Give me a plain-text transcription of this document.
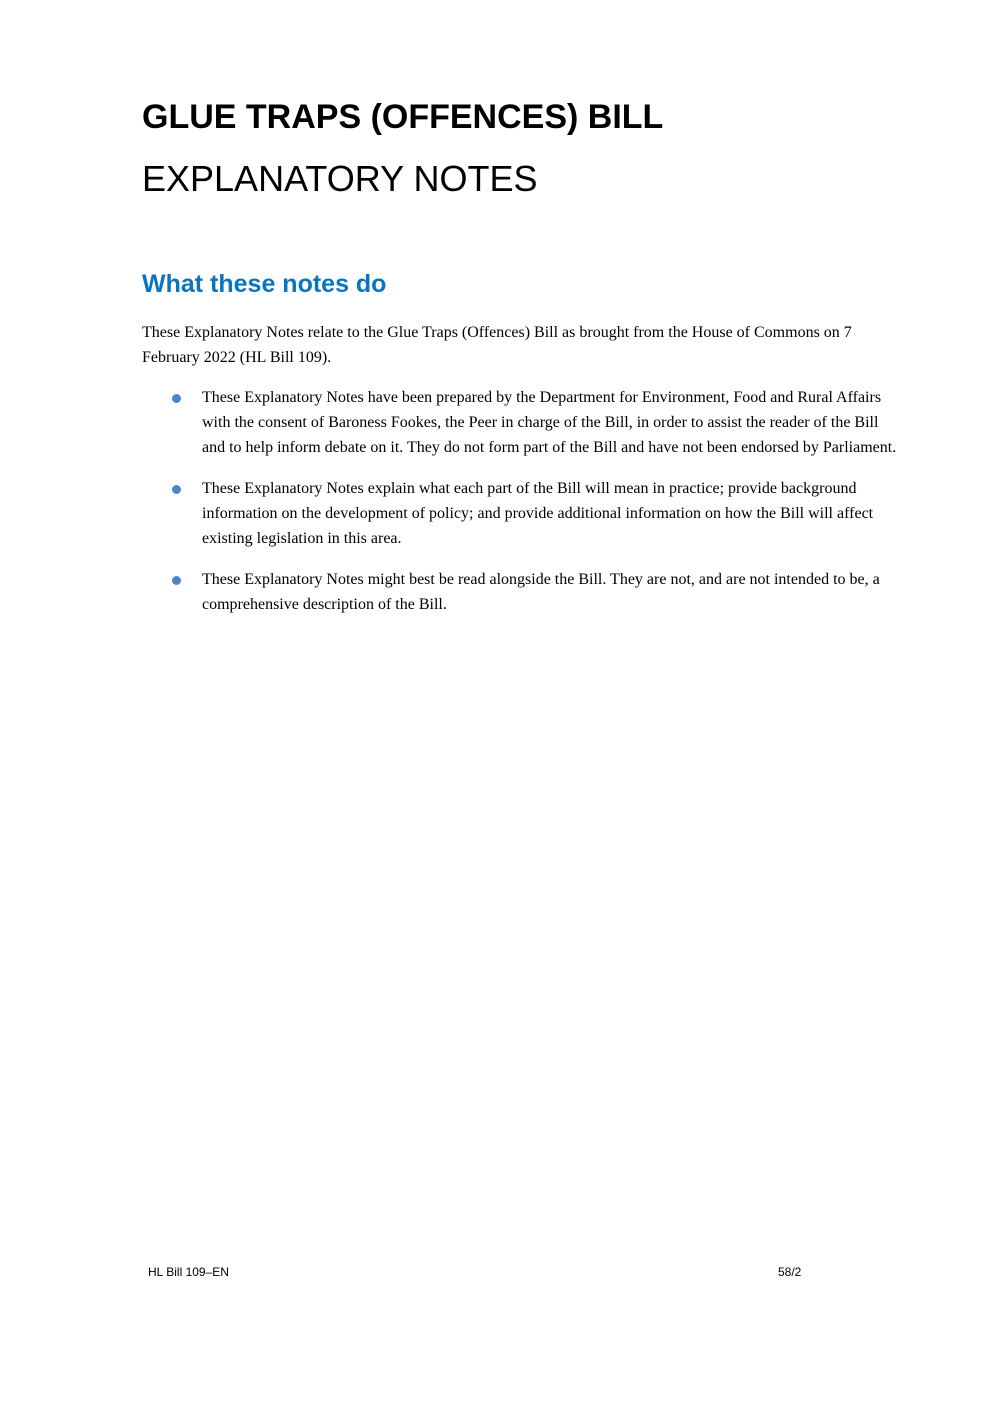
GLUE TRAPS (OFFENCES) BILL
EXPLANATORY NOTES
What these notes do

These Explanatory Notes relate to the Glue Traps (Offences) Bill as brought from the House of Commons on 7 February 2022 (HL Bill 109).

These Explanatory Notes have been prepared by the Department for Environment, Food and Rural Affairs with the consent of Baroness Fookes, the Peer in charge of the Bill, in order to assist the reader of the Bill and to help inform debate on it. They do not form part of the Bill and have not been endorsed by Parliament.
These Explanatory Notes explain what each part of the Bill will mean in practice; provide background information on the development of policy; and provide additional information on how the Bill will affect existing legislation in this area.
These Explanatory Notes might best be read alongside the Bill. They are not, and are not intended to be, a comprehensive description of the Bill.

HL Bill 109–EN	58/2
